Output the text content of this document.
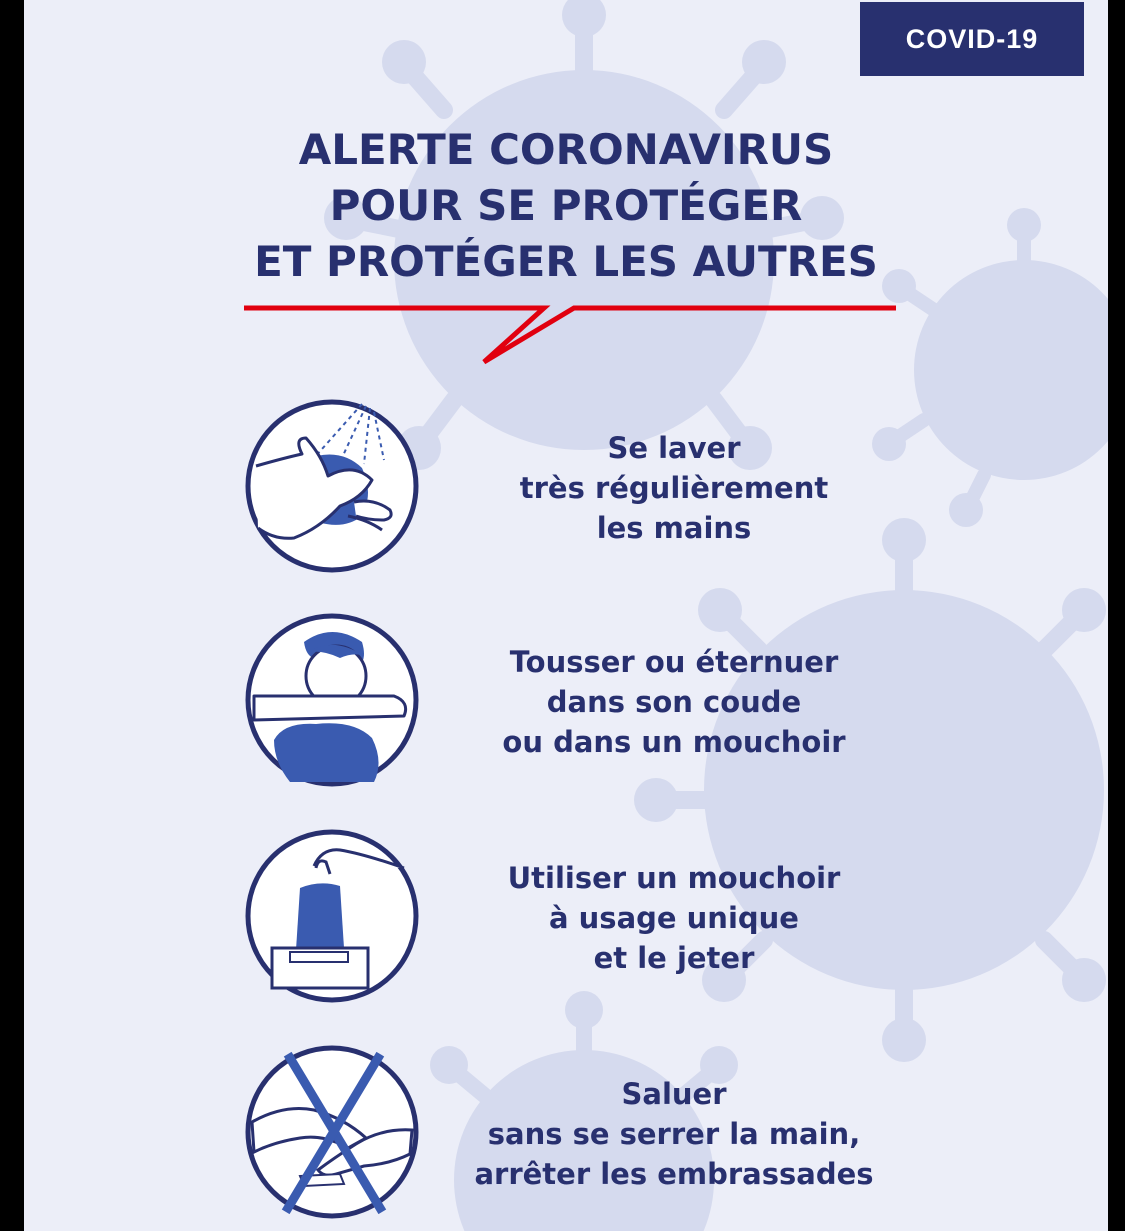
COVID-19
ALERTE CORONAVIRUS
POUR SE PROTÉGER
ET PROTÉGER LES AUTRES
Se laver
très régulièrement
les mains
Tousser ou éternuer
dans son coude
ou dans un mouchoir
Utiliser un mouchoir
à usage unique
et le jeter
Saluer
sans se serrer la main,
arrêter les embrassades
